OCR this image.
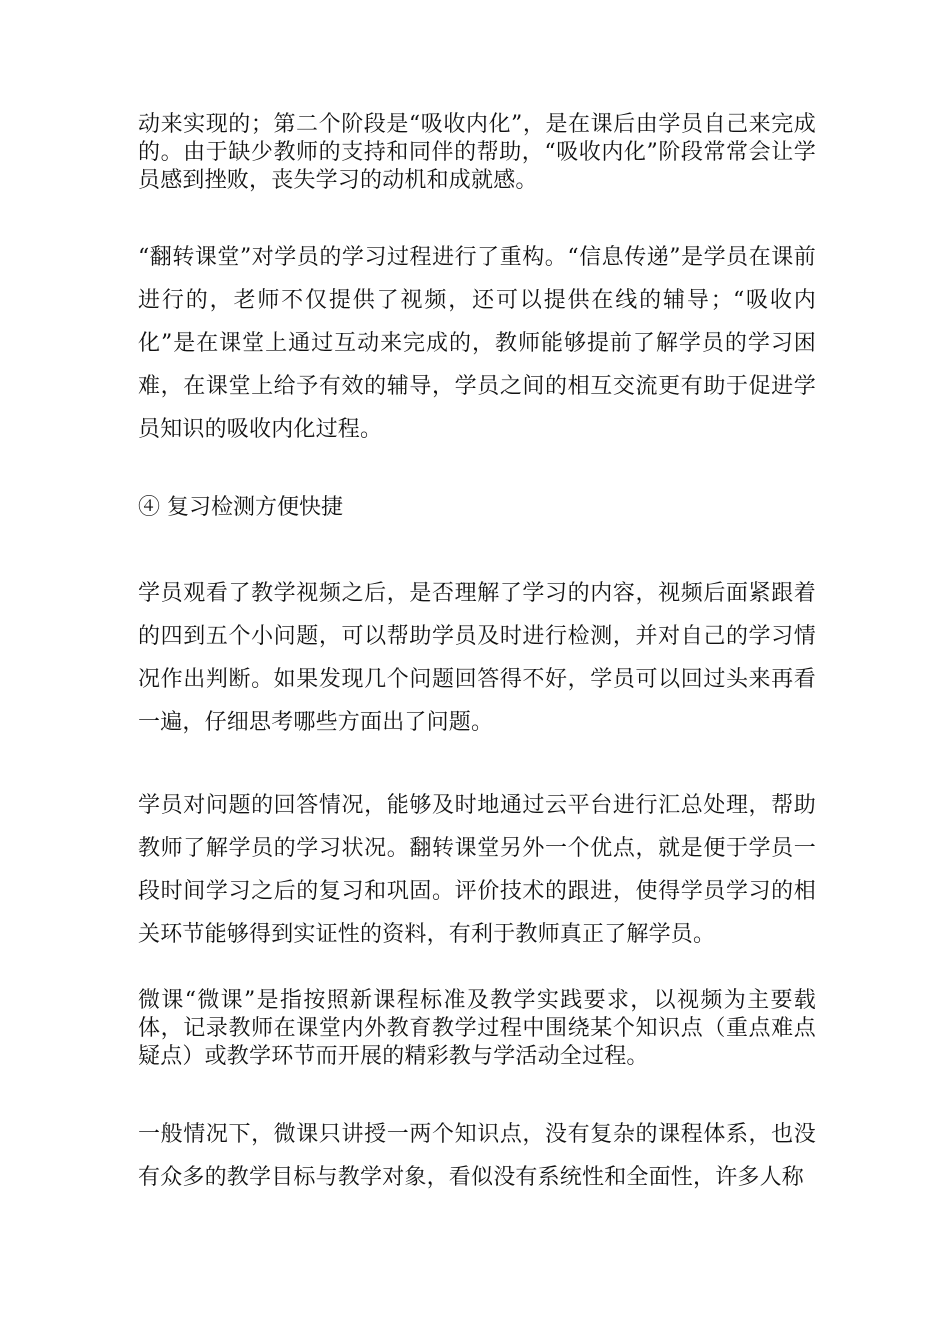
动来实现的；第二个阶段是“吸收内化”，是在课后由学员自己来完成的。由于缺少教师的支持和同伴的帮助，“吸收内化”阶段常常会让学员感到挫败，丧失学习的动机和成就感。

“翻转课堂”对学员的学习过程进行了重构。“信息传递”是学员在课前进行的，老师不仅提供了视频，还可以提供在线的辅导；“吸收内化”是在课堂上通过互动来完成的，教师能够提前了解学员的学习困难，在课堂上给予有效的辅导，学员之间的相互交流更有助于促进学员知识的吸收内化过程。

④ 复习检测方便快捷

学员观看了教学视频之后，是否理解了学习的内容，视频后面紧跟着的四到五个小问题，可以帮助学员及时进行检测，并对自己的学习情况作出判断。如果发现几个问题回答得不好，学员可以回过头来再看一遍，仔细思考哪些方面出了问题。

学员对问题的回答情况，能够及时地通过云平台进行汇总处理，帮助教师了解学员的学习状况。翻转课堂另外一个优点，就是便于学员一段时间学习之后的复习和巩固。评价技术的跟进，使得学员学习的相关环节能够得到实证性的资料，有利于教师真正了解学员。

微课“微课”是指按照新课程标准及教学实践要求，以视频为主要载体，记录教师在课堂内外教育教学过程中围绕某个知识点（重点难点疑点）或教学环节而开展的精彩教与学活动全过程。

一般情况下，微课只讲授一两个知识点，没有复杂的课程体系，也没有众多的教学目标与教学对象，看似没有系统性和全面性，许多人称
